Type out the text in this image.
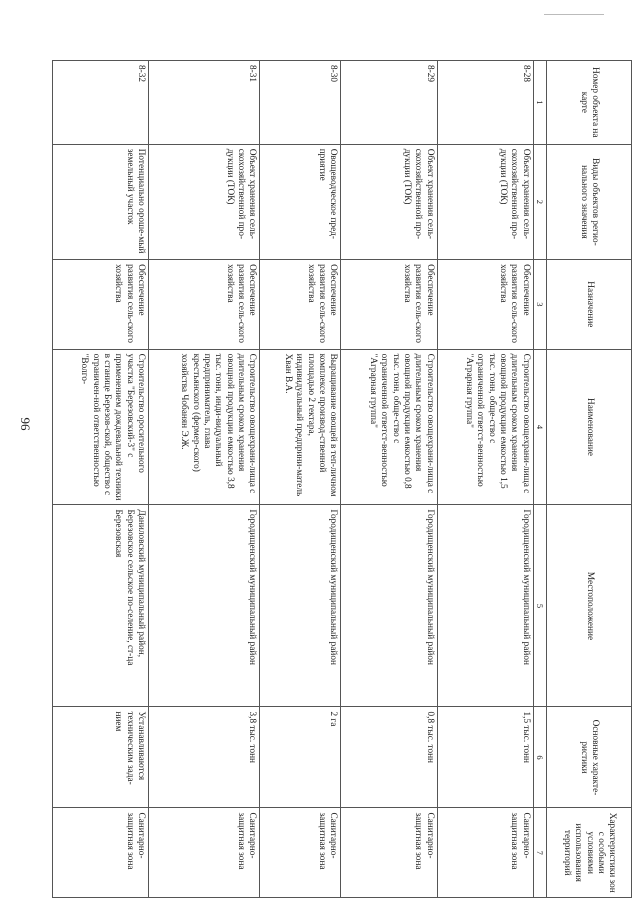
96
Номер объекта на карте	Виды объектов регио-нального значения	Назначение	Наименование	Местоположение	Основные характе-ристики	Характеристики зон с особыми условиями использования территорий
1	2	3	4	5	6	7
8-28	Объект хранения сель-скохозяйственной про-дукции (ТОК)	Обеспечение развития сель-ского хозяйства	Строительство овощехрани-лища с длительным сроком хранения овощной продукции емкостью 1,5 тыс. тонн, обще-ство с ограниченной ответст-венностью "Аграрная группа"	Городищенский муниципальный район	1,5 тыс. тонн	Санитарно-защитная зона
8-29	Объект хранения сель-скохозяйственной про-дукции (ТОК)	Обеспечение развития сель-ского хозяйства	Строительство овощехрани-лища с длительным сроком хранения овощной продукции емкостью 0,8 тыс. тонн, обще-ство с ограниченной ответст-венностью "Аграрная группа"	Городищенский муниципальный район	0,8 тыс. тонн	Санитарно-защитная зона
8-30	Овощеводческое пред-приятие	Обеспечение развития сель-ского хозяйства	Выращивание овощей в теп-личном комплексе производ-ственной площадью 2 гектара, индивидуальный предприни-матель Хван В.А.	Городищенский муниципальный район	2 га	Санитарно-защитная зона
8-31	Объект хранения сель-скохозяйственной про-дукции (ТОК)	Обеспечение развития сель-ского хозяйства	Строительство овощехрани-лища с длительным сроком хранения овощной продукции емкостью 3,8 тыс. тонн, инди-видуальный предприниматель, глава крестьянского (фермер-ского) хозяйства Чобанян Э.Ж.	Городищенский муниципальный район	3,8 тыс. тонн	Санитарно-защитная зона
8-32	Потенциально ороше-мый земельный участок	Обеспечение развития сель-ского хозяйства	Строительство оросительного участка "Березовский-3" с применением дождевальной техники в станице Березов-ской, общество с ограничен-ной ответственностью "Волго-	Даниловский муниципальный район, Березовское сельское по-селение, ст-ца Березовская	Устанавливаются техническим зада-нием	Санитарно-защитная зона
